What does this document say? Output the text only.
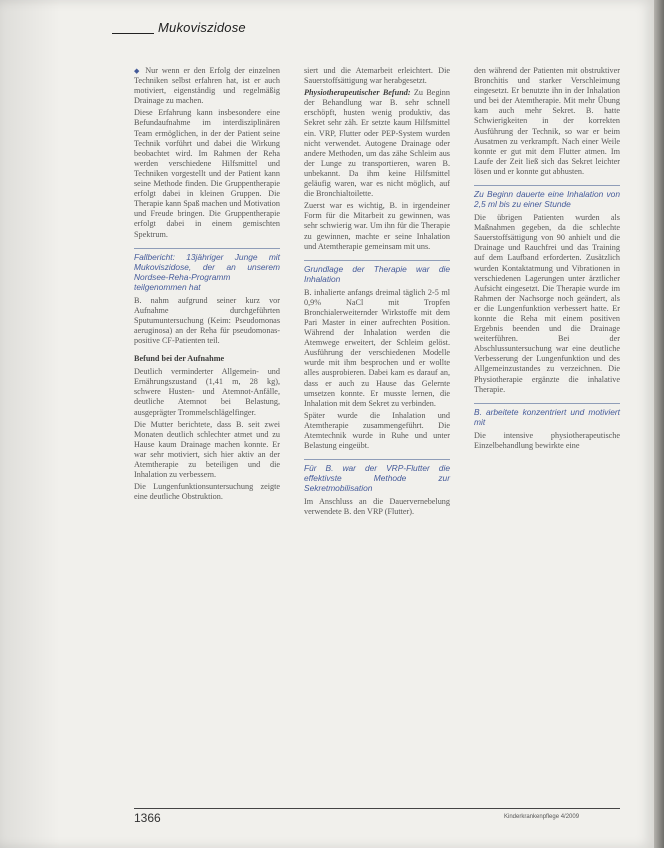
Mukoviszidose

◆ Nur wenn er den Erfolg der einzelnen Techniken selbst erfahren hat, ist er auch motiviert, eigenständig und regelmäßig Drainage zu machen.

Diese Erfahrung kann insbesondere eine Befundaufnahme im interdisziplinären Team ermöglichen, in der der Patient seine Technik vorführt und dabei die Wirkung beobachtet wird. Im Rahmen der Reha werden verschiedene Hilfsmittel und Techniken vorgestellt und der Patient kann seine Methode finden. Die Gruppentherapie erfolgt dabei in kleinen Gruppen. Die Therapie kann Spaß machen und Motivation und Freude bringen. Die Gruppentherapie erfolgt dabei in einem gemischten Spektrum.

Fallbericht: 13jähriger Junge mit Mukoviszidose, der an unserem Nordsee-Reha-Programm teilgenommen hat

B. nahm aufgrund seiner kurz vor Aufnahme durchgeführten Sputumuntersuchung (Keim: Pseudomonas aeruginosa) an der Reha für pseudomonas-positive CF-Patienten teil.

Befund bei der Aufnahme

Deutlich verminderter Allgemein- und Ernährungszustand (1,41 m, 28 kg), schwere Husten- und Atemnot-Anfälle, deutliche Atemnot bei Belastung, ausgeprägter Trommelschlägelfinger.

Die Mutter berichtete, dass B. seit zwei Monaten deutlich schlechter atmet und zu Hause kaum Drainage machen konnte. Er war sehr motiviert, sich hier aktiv an der Atemtherapie zu beteiligen und die Inhalation zu verbessern.

Die Lungenfunktionsuntersuchung zeigte eine deutliche Obstruktion.

siert und die Atemarbeit erleichtert. Die Sauerstoffsättigung war herabgesetzt.

Physiotherapeutischer Befund: Zu Beginn der Behandlung war B. sehr schnell erschöpft, husten wenig produktiv, das Sekret sehr zäh. Er setzte kaum Hilfsmittel ein. VRP, Flutter oder PEP-System wurden nicht verwendet. Autogene Drainage oder andere Methoden, um das zähe Schleim aus der Lunge zu transportieren, waren B. unbekannt. Da ihm keine Hilfsmittel geläufig waren, war es nicht möglich, auf die Bronchialtoilette.

Zuerst war es wichtig, B. in irgendeiner Form für die Mitarbeit zu gewinnen, was sehr schwierig war. Um ihn für die Therapie zu gewinnen, machte er seine Inhalation und Atemtherapie gemeinsam mit uns.

Grundlage der Therapie war die Inhalation

B. inhalierte anfangs dreimal täglich 2-5 ml 0,9% NaCl mit Tropfen Bronchialerweiternder Wirkstoffe mit dem Pari Master in einer aufrechten Position. Während der Inhalation werden die Atemwege erweitert, der Schleim gelöst. Ausführung der verschiedenen Modelle wurde mit ihm besprochen und er wollte alles ausprobieren. Dabei kam es darauf an, dass er auch zu Hause das Gelernte umsetzen konnte. Er musste lernen, die Inhalation mit dem Sekret zu verbinden.

Später wurde die Inhalation und Atemtherapie zusammengeführt. Die Atemtechnik wurde in Ruhe und unter Belastung eingeübt.

Für B. war der VRP-Flutter die effektivste Methode zur Sekretmobilisation

Im Anschluss an die Dauervernebelung verwendete B. den VRP (Flutter).

den während der Patienten mit obstruktiver Bronchitis und starker Verschleimung eingesetzt. Er benutzte ihn in der Inhalation und bei der Atemtherapie. Mit mehr Übung kam auch mehr Sekret. B. hatte Schwierigkeiten in der korrekten Ausführung der Technik, so war er beim Ausatmen zu verkrampft. Nach einer Weile konnte er gut mit dem Flutter atmen. Im Laufe der Zeit ließ sich das Sekret leichter lösen und er konnte gut abhusten.

Zu Beginn dauerte eine Inhalation von 2,5 ml bis zu einer Stunde

Die übrigen Patienten wurden als Maßnahmen gegeben, da die schlechte Sauerstoffsättigung von 90 anhielt und die Drainage und Rauchfrei und das Training auf dem Laufband erforderten. Zusätzlich wurden Kontaktatmung und Vibrationen in verschiedenen Lagerungen unter ärztlicher Aufsicht eingesetzt. Die Therapie wurde im Rahmen der Nachsorge noch geändert, als er die Lungenfunktion verbessert hatte. Er konnte die Reha mit einem positiven Ergebnis beenden und die Drainage weiterführen. Bei der Abschlussuntersuchung war eine deutliche Verbesserung der Lungenfunktion und des Allgemeinzustandes zu verzeichnen. Die Physiotherapie ergänzte die inhalative Therapie.

B. arbeitete konzentriert und motiviert mit

Die intensive physiotherapeutische Einzelbehandlung bewirkte eine

1366	Kinderkrankenpflege 4/2009
